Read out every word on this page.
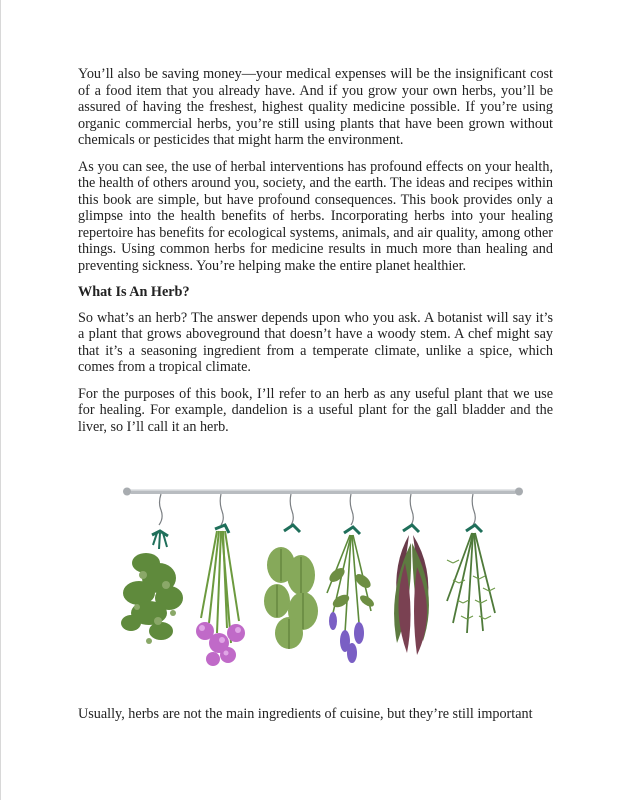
You’ll also be saving money—your medical expenses will be the insignificant cost of a food item that you already have. And if you grow your own herbs, you’ll be assured of having the freshest, highest quality medicine possible. If you’re using organic commercial herbs, you’re still using plants that have been grown without chemicals or pesticides that might harm the environment.

As you can see, the use of herbal interventions has profound effects on your health, the health of others around you, society, and the earth. The ideas and recipes within this book are simple, but have profound consequences. This book provides only a glimpse into the health benefits of herbs. Incorporating herbs into your healing repertoire has benefits for ecological systems, animals, and air quality, among other things. Using common herbs for medicine results in much more than healing and preventing sickness. You’re helping make the entire planet healthier.

What Is An Herb?

So what’s an herb? The answer depends upon who you ask. A botanist will say it’s a plant that grows aboveground that doesn’t have a woody stem. A chef might say that it’s a seasoning ingredient from a temperate climate, unlike a spice, which comes from a tropical climate.

For the purposes of this book, I’ll refer to an herb as any useful plant that we use for healing. For example, dandelion is a useful plant for the gall bladder and the liver, so I’ll call it an herb.

Usually, herbs are not the main ingredients of cuisine, but they’re still important
